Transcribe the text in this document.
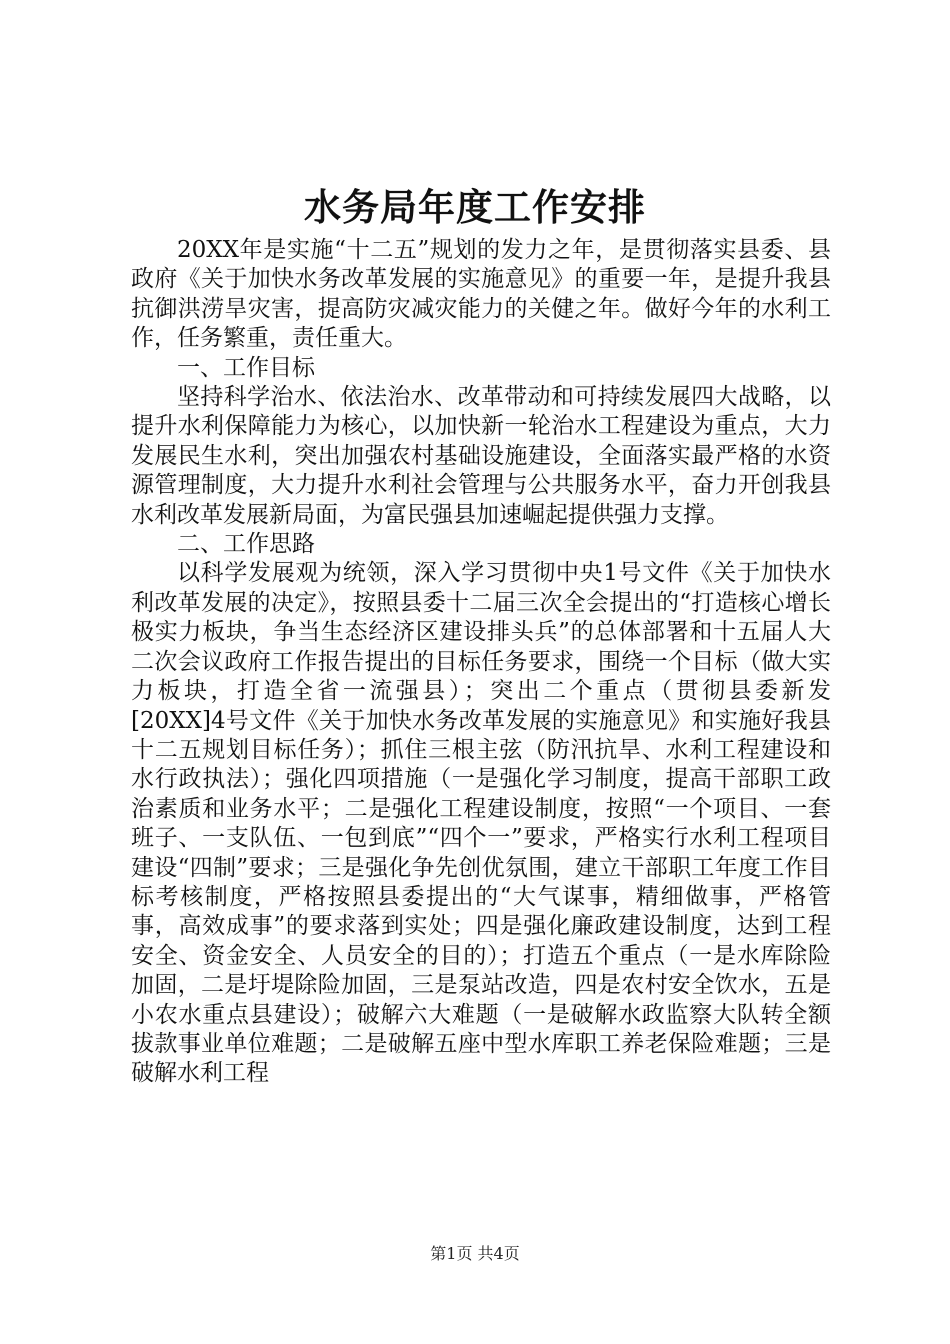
水务局年度工作安排

20XX年是实施“十二五”规划的发力之年，是贯彻落实县委、县政府《关于加快水务改革发展的实施意见》的重要一年，是提升我县抗御洪涝旱灾害，提高防灾减灾能力的关健之年。做好今年的水利工作，任务繁重，责任重大。

一、工作目标

坚持科学治水、依法治水、改革带动和可持续发展四大战略，以提升水利保障能力为核心，以加快新一轮治水工程建设为重点，大力发展民生水利，突出加强农村基础设施建设，全面落实最严格的水资源管理制度，大力提升水利社会管理与公共服务水平，奋力开创我县水利改革发展新局面，为富民强县加速崛起提供强力支撑。

二、工作思路

以科学发展观为统领，深入学习贯彻中央1号文件《关于加快水利改革发展的决定》，按照县委十二届三次全会提出的“打造核心增长极实力板块，争当生态经济区建设排头兵”的总体部署和十五届人大二次会议政府工作报告提出的目标任务要求，围绕一个目标（做大实力板块，打造全省一流强县）；突出二个重点（贯彻县委新发[20XX]4号文件《关于加快水务改革发展的实施意见》和实施好我县十二五规划目标任务）；抓住三根主弦（防汛抗旱、水利工程建设和水行政执法）；强化四项措施（一是强化学习制度，提高干部职工政治素质和业务水平；二是强化工程建设制度，按照“一个项目、一套班子、一支队伍、一包到底”“四个一”要求，严格实行水利工程项目建设“四制”要求；三是强化争先创优氛围，建立干部职工年度工作目标考核制度，严格按照县委提出的“大气谋事，精细做事，严格管事，高效成事”的要求落到实处；四是强化廉政建设制度，达到工程安全、资金安全、人员安全的目的）；打造五个重点（一是水库除险加固，二是圩堤除险加固，三是泵站改造，四是农村安全饮水，五是小农水重点县建设）；破解六大难题（一是破解水政监察大队转全额拔款事业单位难题；二是破解五座中型水库职工养老保险难题；三是破解水利工程

第1页 共4页
